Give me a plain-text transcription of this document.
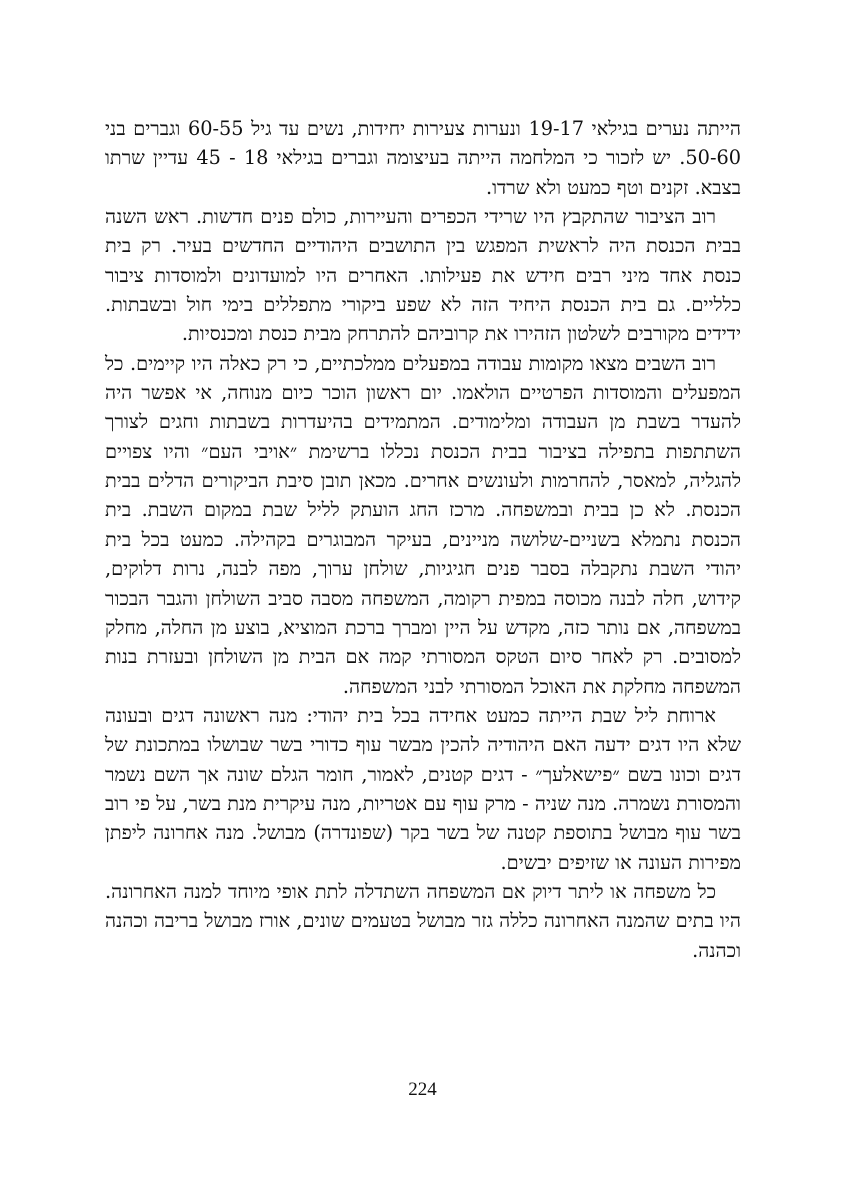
הייתה נערים בגילאי 19-17 ונערות צעירות יחידות, נשים עד גיל 60-55 וגברים בני 50-60. יש לזכור כי המלחמה הייתה בעיצומה וגברים בגילאי 18 - 45 עדיין שרתו בצבא. זקנים וטף כמעט ולא שרדו.

רוב הציבור שהתקבץ היו שרידי הכפרים והעיירות, כולם פנים חדשות. ראש השנה בבית הכנסת היה לראשית המפגש בין התושבים היהודיים החדשים בעיר. רק בית כנסת אחד מיני רבים חידש את פעילותו. האחרים היו למועדונים ולמוסדות ציבור כלליים. גם בית הכנסת היחיד הזה לא שפע ביקורי מתפללים בימי חול ובשבתות. ידידים מקורבים לשלטון הזהירו את קרוביהם להתרחק מבית כנסת ומכנסיות.

רוב השבים מצאו מקומות עבודה במפעלים ממלכתיים, כי רק כאלה היו קיימים. כל המפעלים והמוסדות הפרטיים הולאמו. יום ראשון הוכר כיום מנוחה, אי אפשר היה להעדר בשבת מן העבודה ומלימודים. המתמידים בהיעדרות בשבתות וחגים לצורך השתתפות בתפילה בציבור בבית הכנסת נכללו ברשימת ״אויבי העם״ והיו צפויים להגליה, למאסר, להחרמות ולעונשים אחרים. מכאן תובן סיבת הביקורים הדלים בבית הכנסת. לא כן בבית ובמשפחה. מרכז החג הועתק לליל שבת במקום השבת. בית הכנסת נתמלא בשניים-שלושה מניינים, בעיקר המבוגרים בקהילה. כמעט בכל בית יהודי השבת נתקבלה בסבר פנים חגיגיות, שולחן ערוך, מפה לבנה, נרות דלוקים, קידוש, חלה לבנה מכוסה במפית רקומה, המשפחה מסבה סביב השולחן והגבר הבכור במשפחה, אם נותר כזה, מקדש על היין ומברך ברכת המוציא, בוצע מן החלה, מחלק למסובים. רק לאחר סיום הטקס המסורתי קמה אם הבית מן השולחן ובעזרת בנות המשפחה מחלקת את האוכל המסורתי לבני המשפחה.

ארוחת ליל שבת הייתה כמעט אחידה בכל בית יהודי: מנה ראשונה דגים ובעונה שלא היו דגים ידעה האם היהודיה להכין מבשר עוף כדורי בשר שבושלו במתכונת של דגים וכונו בשם ״פישאלעך״ - דגים קטנים, לאמור, חומר הגלם שונה אך השם נשמר והמסורת נשמרה. מנה שניה - מרק עוף עם אטריות, מנה עיקרית מנת בשר, על פי רוב בשר עוף מבושל בתוספת קטנה של בשר בקר (שפונדרה) מבושל. מנה אחרונה ליפתן מפירות העונה או שזיפים יבשים.

כל משפחה או ליתר דיוק אם המשפחה השתדלה לתת אופי מיוחד למנה האחרונה. היו בתים שהמנה האחרונה כללה גזר מבושל בטעמים שונים, אורז מבושל בריבה וכהנה וכהנה.

224
